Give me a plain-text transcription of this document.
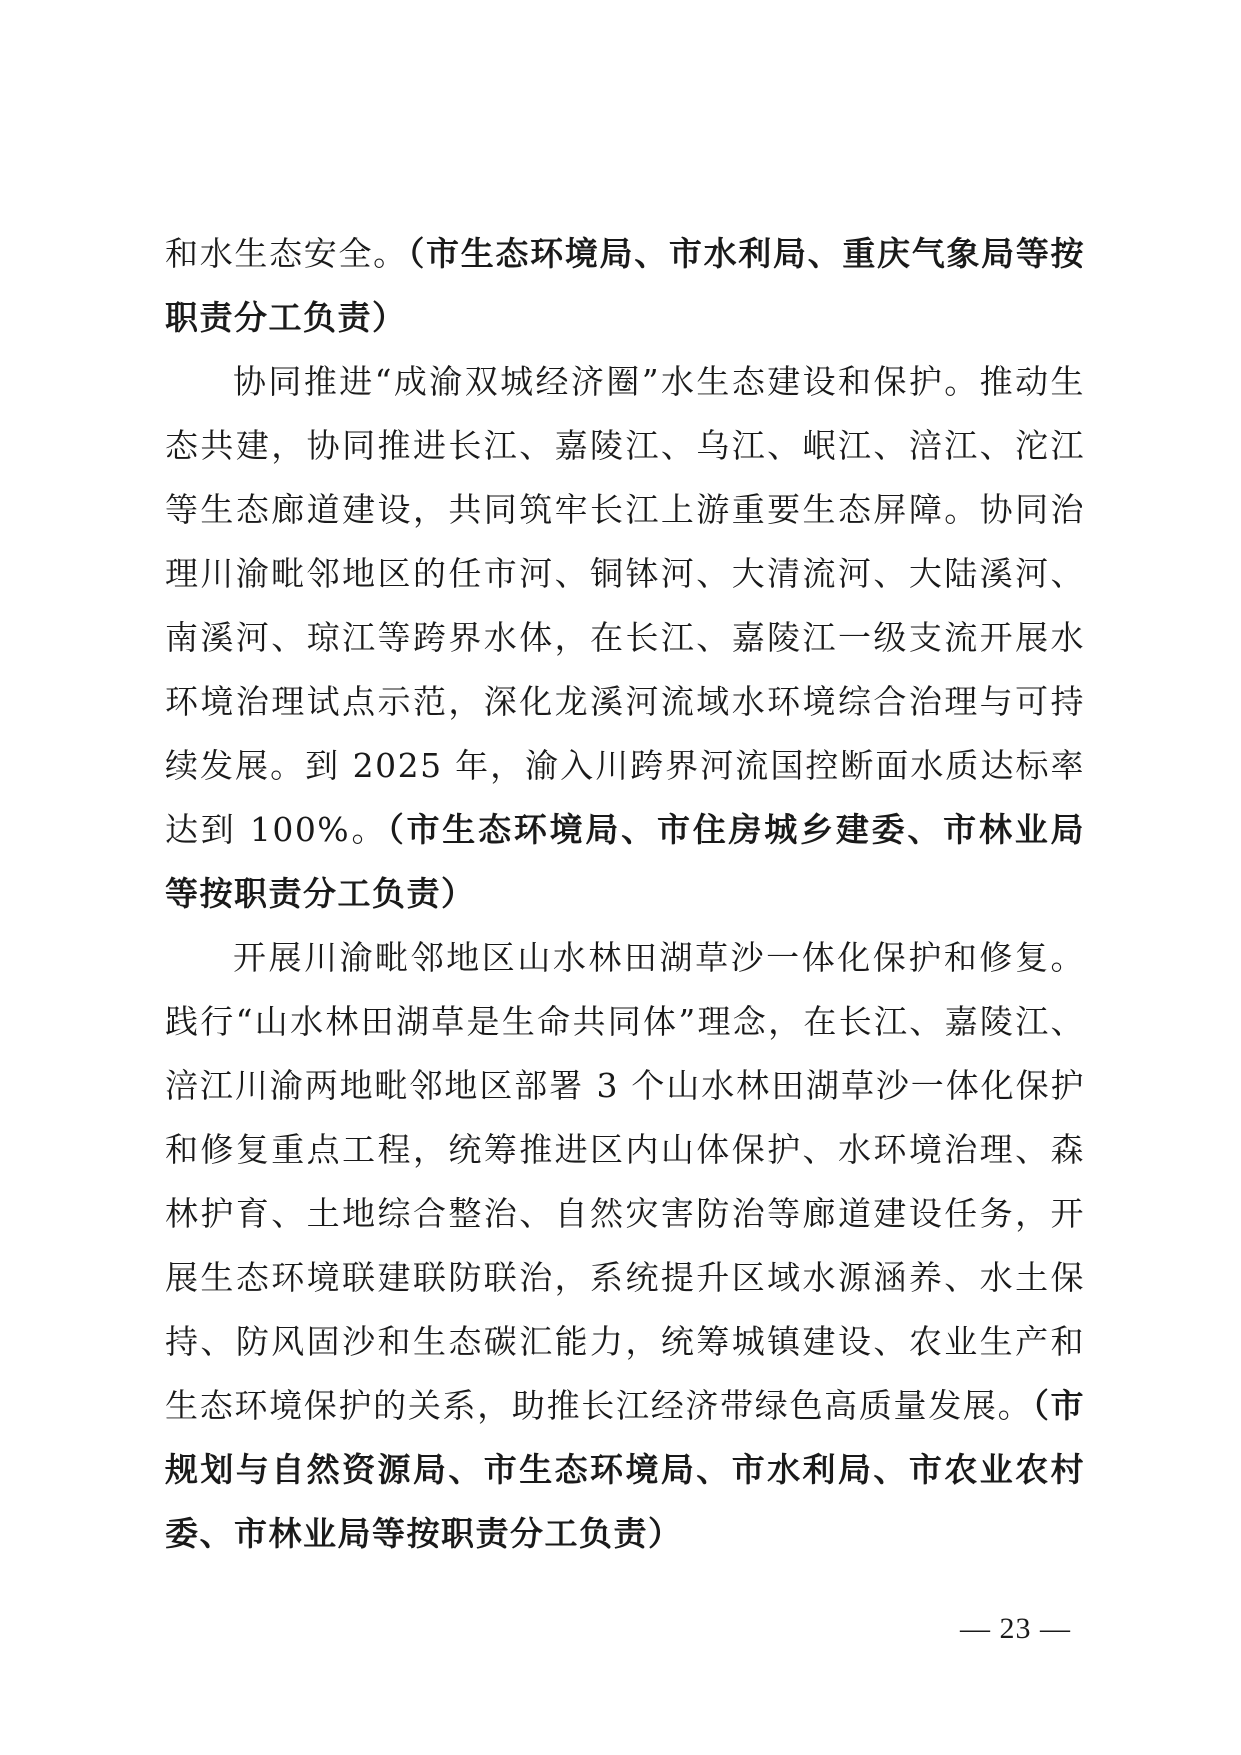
和水生态安全。（市生态环境局、市水利局、重庆气象局等按职责分工负责）

协同推进“成渝双城经济圈”水生态建设和保护。推动生态共建，协同推进长江、嘉陵江、乌江、岷江、涪江、沱江等生态廊道建设，共同筑牢长江上游重要生态屏障。协同治理川渝毗邻地区的任市河、铜钵河、大清流河、大陆溪河、南溪河、琼江等跨界水体，在长江、嘉陵江一级支流开展水环境治理试点示范，深化龙溪河流域水环境综合治理与可持续发展。到 2025 年，渝入川跨界河流国控断面水质达标率达到 100%。（市生态环境局、市住房城乡建委、市林业局等按职责分工负责）

开展川渝毗邻地区山水林田湖草沙一体化保护和修复。践行“山水林田湖草是生命共同体”理念，在长江、嘉陵江、涪江川渝两地毗邻地区部署 3 个山水林田湖草沙一体化保护和修复重点工程，统筹推进区内山体保护、水环境治理、森林护育、土地综合整治、自然灾害防治等廊道建设任务，开展生态环境联建联防联治，系统提升区域水源涵养、水土保持、防风固沙和生态碳汇能力，统筹城镇建设、农业生产和生态环境保护的关系，助推长江经济带绿色高质量发展。（市规划与自然资源局、市生态环境局、市水利局、市农业农村委、市林业局等按职责分工负责）

— 23 —
